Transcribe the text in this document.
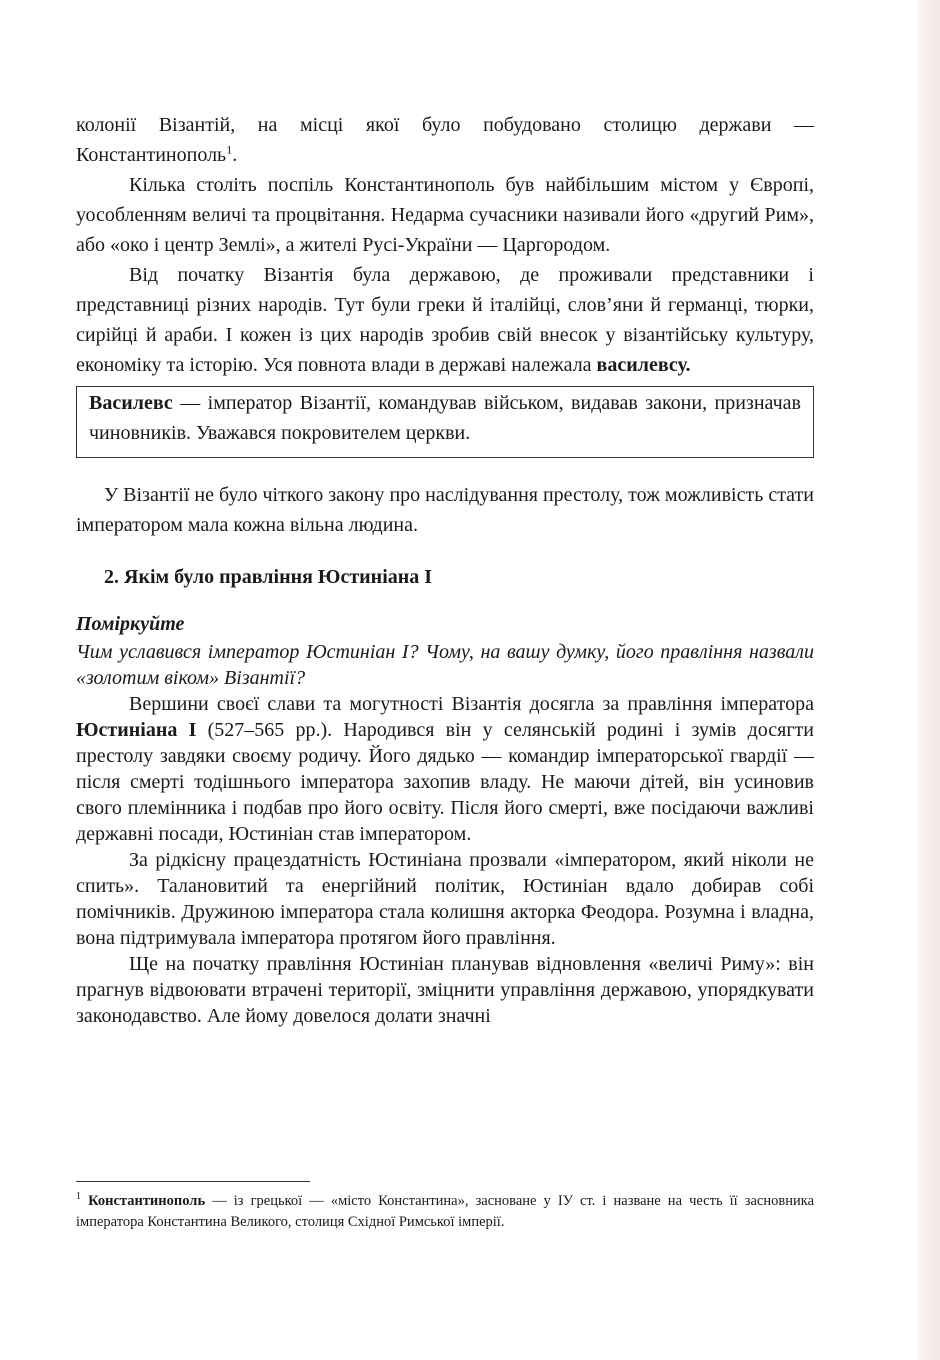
колонії Візантій, на місці якої було побудовано столицю держави — Константинополь$^1$.

Кілька століть поспіль Константинополь був найбільшим містом у Європі, уособленням величі та процвітання. Недарма сучасники називали його «другий Рим», або «око і центр Землі», а жителі Русі-України — Царгородом.

Від початку Візантія була державою, де проживали представники і представниці різних народів. Тут були греки й італійці, слов’яни й германці, тюрки, сирійці й араби. І кожен із цих народів зробив свій внесок у візантійську культуру, економіку та історію. Уся повнота влади в державі належала василевсу.

Василевс — імператор Візантії, командував військом, видавав закони, призначав чиновників. Уважався покровителем церкви.

У Візантії не було чіткого закону про наслідування престолу, тож можливість стати імператором мала кожна вільна людина.

2. Якім було правління Юстиніана І
Поміркуйте

Чим уславився імператор Юстиніан І? Чому, на вашу думку, його правління назвали «золотим віком» Візантії?

Вершини своєї слави та могутності Візантія досягла за правління імператора Юстиніана І (527–565 рр.). Народився він у селянській родині і зумів досягти престолу завдяки своєму родичу. Його дядько — командир імператорської гвардії — після смерті тодішнього імператора захопив владу. Не маючи дітей, він усиновив свого племінника і подбав про його освіту. Після його смерті, вже посідаючи важливі державні посади, Юстиніан став імператором.

За рідкісну працездатність Юстиніана прозвали «імператором, який ніколи не спить». Талановитий та енергійний політик, Юстиніан вдало добирав собі помічників. Дружиною імператора стала колишня акторка Феодора. Розумна і владна, вона підтримувала імператора протягом його правління.

Ще на початку правління Юстиніан планував відновлення «величі Риму»: він прагнув відвоювати втрачені території, зміцнити управління державою, упорядкувати законодавство. Але йому довелося долати значні

$^1$ Константинополь — із грецької — «місто Константина», засноване у IУ ст. і назване на честь її засновника імператора Константина Великого, столиця Східної Римської імперії.
